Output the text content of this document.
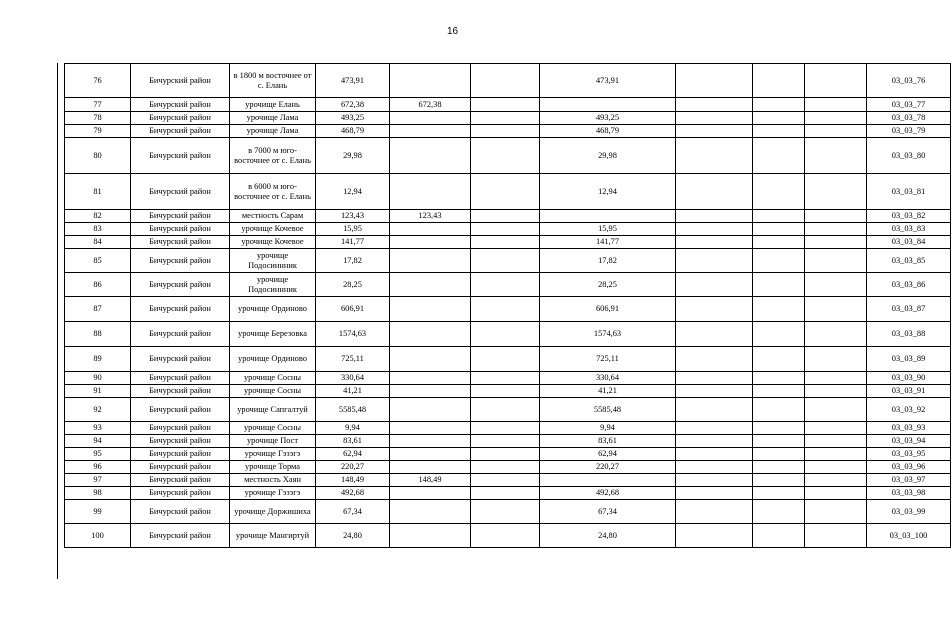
16
76	Бичурский район	в 1800 м восточнее от с. Елань	473,91			473,91				03_03_76
77	Бичурский район	урочище Елань	672,38	672,38						03_03_77
78	Бичурский район	урочище Лама	493,25			493,25				03_03_78
79	Бичурский район	урочище Лама	468,79			468,79				03_03_79
80	Бичурский район	в 7000 м юго-восточнее от с. Елань	29,98			29,98				03_03_80
81	Бичурский район	в 6000 м юго-восточнее от с. Елань	12,94			12,94				03_03_81
82	Бичурский район	местность Сарам	123,43	123,43						03_03_82
83	Бичурский район	урочище Кочевое	15,95			15,95				03_03_83
84	Бичурский район	урочище Кочевое	141,77			141,77				03_03_84
85	Бичурский район	урочище Подосиннник	17,82			17,82				03_03_85
86	Бичурский район	урочище Подосиннник	28,25			28,25				03_03_86
87	Бичурский район	урочище Ординово	606,91			606,91				03_03_87
88	Бичурский район	урочище Березовка	1574,63			1574,63				03_03_88
89	Бичурский район	урочище Ординово	725,11			725,11				03_03_89
90	Бичурский район	урочище Сосны	330,64			330,64				03_03_90
91	Бичурский район	урочище Сосны	41,21			41,21				03_03_91
92	Бичурский район	урочище Сапгалтуй	5585,48			5585,48				03_03_92
93	Бичурский район	урочище Сосны	9,94			9,94				03_03_93
94	Бичурский район	урочище Пост	83,61			83,61				03_03_94
95	Бичурский район	урочище Гэзэгэ	62,94			62,94				03_03_95
96	Бичурский район	урочище Торма	220,27			220,27				03_03_96
97	Бичурский район	местность Хаян	148,49	148,49						03_03_97
98	Бичурский район	урочище Гэзэгэ	492,68			492,68				03_03_98
99	Бичурский район	урочище Доржишихa	67,34			67,34				03_03_99
100	Бичурский район	урочище Мангиртуй	24,80			24,80				03_03_100
